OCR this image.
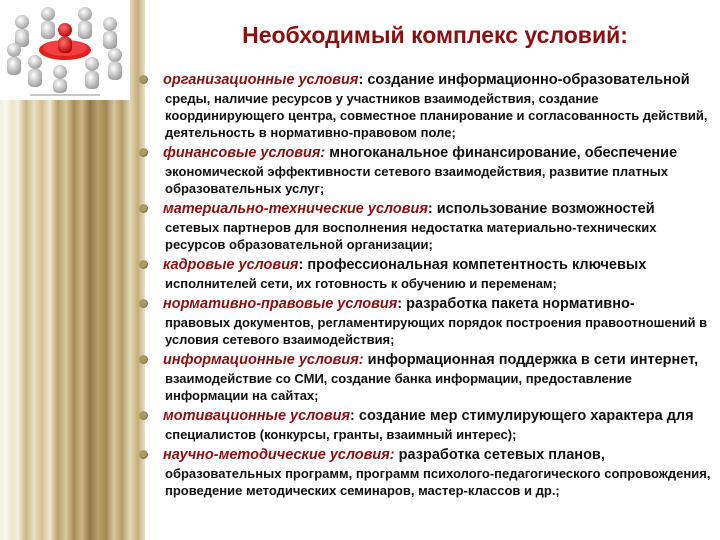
Необходимый комплекс условий:
организационные условия: создание информационно-образовательной
среды, наличие ресурсов у участников взаимодействия, создание координирующего центра, совместное планирование и согласованность действий, деятельность в нормативно-правовом поле;
финансовые условия: многоканальное финансирование, обеспечение
экономической эффективности сетевого взаимодействия, развитие платных образовательных услуг;
материально-технические условия: использование возможностей
сетевых партнеров для восполнения недостатка материально-технических ресурсов образовательной организации;
кадровые условия: профессиональная компетентность ключевых
исполнителей сети, их готовность к обучению и переменам;
нормативно-правовые условия: разработка пакета нормативно-
правовых документов, регламентирующих порядок построения правоотношений в условия сетевого взаимодействия;
информационные условия: информационная поддержка в сети интернет,
взаимодействие со СМИ, создание банка информации, предоставление информации на сайтах;
мотивационные условия: создание мер стимулирующего характера для
специалистов (конкурсы, гранты, взаимный интерес);
научно-методические условия: разработка сетевых планов,
образовательных программ, программ психолого-педагогического сопровождения, проведение методических семинаров, мастер-классов и др.;
